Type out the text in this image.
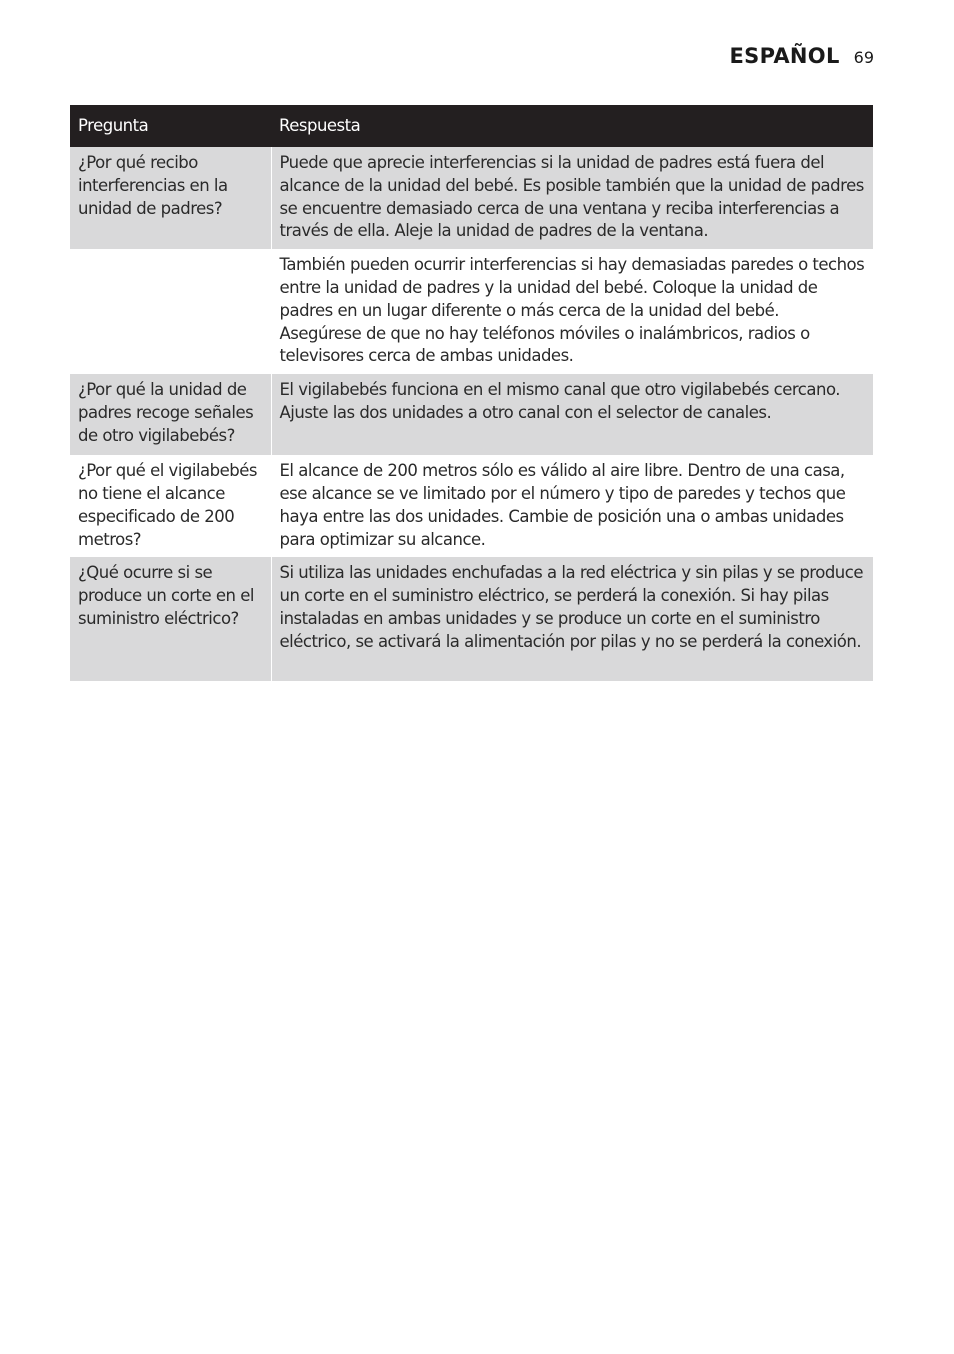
ESPAÑOL 69
Pregunta	Respuesta
¿Por qué recibo interferencias en la unidad de padres?	Puede que aprecie interferencias si la unidad de padres está fuera del alcance de la unidad del bebé. Es posible también que la unidad de padres se encuentre demasiado cerca de una ventana y reciba interferencias a través de ella. Aleje la unidad de padres de la ventana.
	También pueden ocurrir interferencias si hay demasiadas paredes o techos entre la unidad de padres y la unidad del bebé. Coloque la unidad de padres en un lugar diferente o más cerca de la unidad del bebé. Asegúrese de que no hay teléfonos móviles o inalámbricos, radios o televisores cerca de ambas unidades.
¿Por qué la unidad de padres recoge señales de otro vigilabebés?	El vigilabebés funciona en el mismo canal que otro vigilabebés cercano. Ajuste las dos unidades a otro canal con el selector de canales.
¿Por qué el vigilabebés no tiene el alcance especificado de 200 metros?	El alcance de 200 metros sólo es válido al aire libre. Dentro de una casa, ese alcance se ve limitado por el número y tipo de paredes y techos que haya entre las dos unidades. Cambie de posición una o ambas unidades para optimizar su alcance.
¿Qué ocurre si se produce un corte en el suministro eléctrico?	Si utiliza las unidades enchufadas a la red eléctrica y sin pilas y se produce un corte en el suministro eléctrico, se perderá la conexión. Si hay pilas instaladas en ambas unidades y se produce un corte en el suministro eléctrico, se activará la alimentación por pilas y no se perderá la conexión.
